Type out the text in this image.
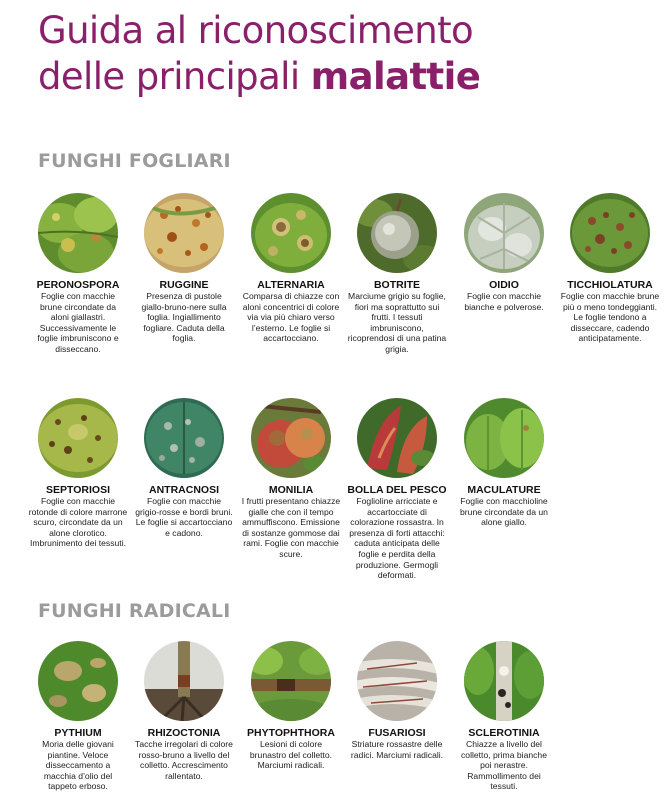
Guida al riconoscimento
delle principali malattie
FUNGHI FOGLIARI
FUNGHI RADICALI
PERONOSPORA
Foglie con macchie brune circondate da aloni giallastri. Successivamente le foglie imbruniscono e disseccano.
RUGGINE
Presenza di pustole giallo-bruno-nere sulla foglia. Ingiallimento fogliare. Caduta della foglia.
ALTERNARIA
Comparsa di chiazze con aloni concentrici di colore via via più chiaro verso l’esterno. Le foglie si accartocciano.
BOTRITE
Marciume grigio su foglie, fiori ma soprattutto sui frutti. I tessuti imbruniscono, ricoprendosi di una patina grigia.
OIDIO
Foglie con macchie bianche e polverose.
TICCHIOLATURA
Foglie con macchie brune più o meno tondeggianti. Le foglie tendono a disseccare, cadendo anticipatamente.
SEPTORIOSI
Foglie con macchie rotonde di colore marrone scuro, circondate da un alone clorotico. Imbrunimento dei tessuti.
ANTRACNOSI
Foglie con macchie grigio-rosse e bordi bruni. Le foglie si accartocciano e cadono.
MONILIA
I frutti presentano chiazze gialle che con il tempo ammuffiscono. Emissione di sostanze gommose dai rami. Foglie con macchie scure.
BOLLA DEL PESCO
Foglioline arricciate e accartocciate di colorazione rossastra. In presenza di forti attacchi: caduta anticipata delle foglie e perdita della produzione. Germogli deformati.
MACULATURE
Foglie con macchioline brune circondate da un alone giallo.
PYTHIUM
Moria delle giovani piantine. Veloce disseccamento a macchia d’olio del tappeto erboso.
RHIZOCTONIA
Tacche irregolari di colore rosso-bruno a livello del colletto. Accrescimento rallentato.
PHYTOPHTHORA
Lesioni di colore brunastro del colletto. Marciumi radicali.
FUSARIOSI
Striature rossastre delle radici. Marciumi radicali.
SCLEROTINIA
Chiazze a livello del colletto, prima bianche poi nerastre. Rammollimento dei tessuti.
